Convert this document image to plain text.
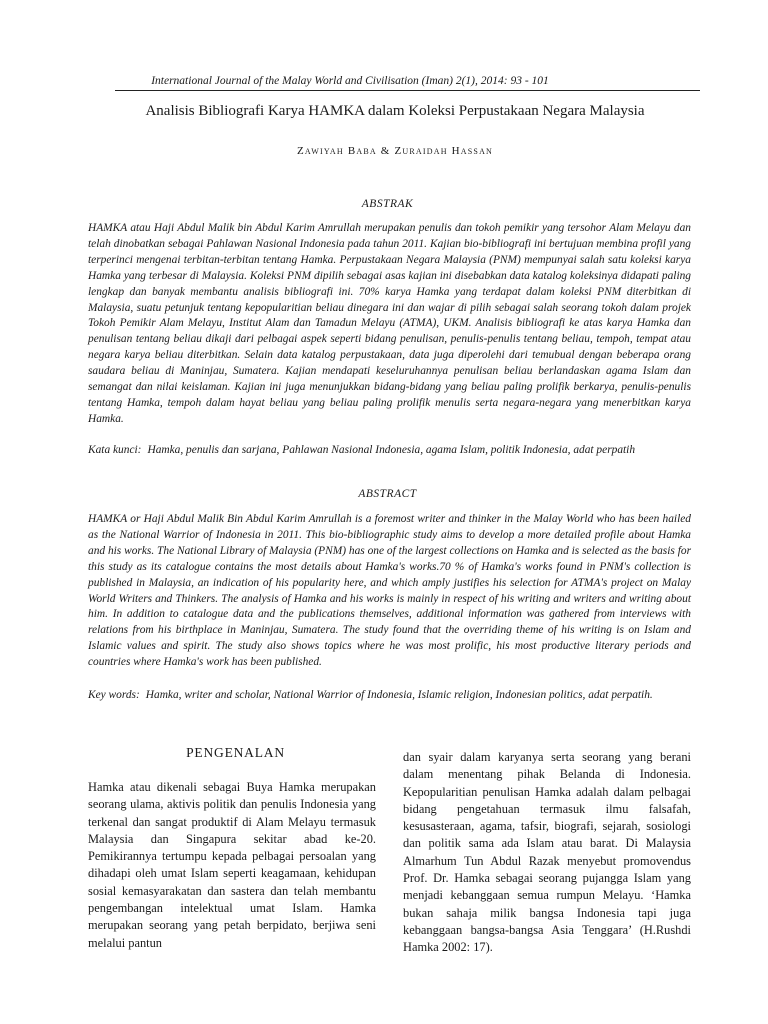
International Journal of the Malay World and Civilisation (Iman) 2(1), 2014: 93 - 101
Analisis Bibliografi Karya HAMKA dalam Koleksi Perpustakaan Negara Malaysia
Zawiyah Baba & Zuraidah Hassan
ABSTRAK

HAMKA atau Haji Abdul Malik bin Abdul Karim Amrullah merupakan penulis dan tokoh pemikir yang tersohor Alam Melayu dan telah dinobatkan sebagai Pahlawan Nasional Indonesia pada tahun 2011. Kajian bio-bibliografi ini bertujuan membina profil yang terperinci mengenai terbitan-terbitan tentang Hamka. Perpustakaan Negara Malaysia (PNM) mempunyai salah satu koleksi karya Hamka yang terbesar di Malaysia. Koleksi PNM dipilih sebagai asas kajian ini disebabkan data katalog koleksinya didapati paling lengkap dan banyak membantu analisis bibliografi ini. 70% karya Hamka yang terdapat dalam koleksi PNM diterbitkan di Malaysia, suatu petunjuk tentang kepopularitian beliau dinegara ini dan wajar di pilih sebagai salah seorang tokoh dalam projek Tokoh Pemikir Alam Melayu, Institut Alam dan Tamadun Melayu (ATMA), UKM. Analisis bibliografi ke atas karya Hamka dan penulisan tentang beliau dikaji dari pelbagai aspek seperti bidang penulisan, penulis-penulis tentang beliau, tempoh, tempat atau negara karya beliau diterbitkan. Selain data katalog perpustakaan, data juga diperolehi dari temubual dengan beberapa orang saudara beliau di Maninjau, Sumatera. Kajian mendapati keseluruhannya penulisan beliau berlandaskan agama Islam dan semangat dan nilai keislaman. Kajian ini juga menunjukkan bidang-bidang yang beliau paling prolifik berkarya, penulis-penulis tentang Hamka, tempoh dalam hayat beliau yang beliau paling prolifik menulis serta negara-negara yang menerbitkan karya Hamka.

Kata kunci: Hamka, penulis dan sarjana, Pahlawan Nasional Indonesia, agama Islam, politik Indonesia, adat perpatih
ABSTRACT

HAMKA or Haji Abdul Malik Bin Abdul Karim Amrullah is a foremost writer and thinker in the Malay World who has been hailed as the National Warrior of Indonesia in 2011. This bio-bibliographic study aims to develop a more detailed profile about Hamka and his works. The National Library of Malaysia (PNM) has one of the largest collections on Hamka and is selected as the basis for this study as its catalogue contains the most details about Hamka's works.70 % of Hamka's works found in PNM's collection is published in Malaysia, an indication of his popularity here, and which amply justifies his selection for ATMA's project on Malay World Writers and Thinkers. The analysis of Hamka and his works is mainly in respect of his writing and writers and writing about him. In addition to catalogue data and the publications themselves, additional information was gathered from interviews with relations from his birthplace in Maninjau, Sumatera. The study found that the overriding theme of his writing is on Islam and Islamic values and spirit. The study also shows topics where he was most prolific, his most productive literary periods and countries where Hamka's work has been published.

Key words: Hamka, writer and scholar, National Warrior of Indonesia, Islamic religion, Indonesian politics, adat perpatih.
PENGENALAN

Hamka atau dikenali sebagai Buya Hamka merupakan seorang ulama, aktivis politik dan penulis Indonesia yang terkenal dan sangat produktif di Alam Melayu termasuk Malaysia dan Singapura sekitar abad ke-20. Pemikirannya tertumpu kepada pelbagai persoalan yang dihadapi oleh umat Islam seperti keagamaan, kehidupan sosial kemasyarakatan dan sastera dan telah membantu pengembangan intelektual umat Islam. Hamka merupakan seorang yang petah berpidato, berjiwa seni melalui pantun

dan syair dalam karyanya serta seorang yang berani dalam menentang pihak Belanda di Indonesia. Kepopularitian penulisan Hamka adalah dalam pelbagai bidang pengetahuan termasuk ilmu falsafah, kesusasteraan, agama, tafsir, biografi, sejarah, sosiologi dan politik sama ada Islam atau barat. Di Malaysia Almarhum Tun Abdul Razak menyebut promovendus Prof. Dr. Hamka sebagai seorang pujangga Islam yang menjadi kebanggaan semua rumpun Melayu. ‘Hamka bukan sahaja milik bangsa Indonesia tapi juga kebanggaan bangsa-bangsa Asia Tenggara’ (H.Rushdi Hamka 2002: 17).
